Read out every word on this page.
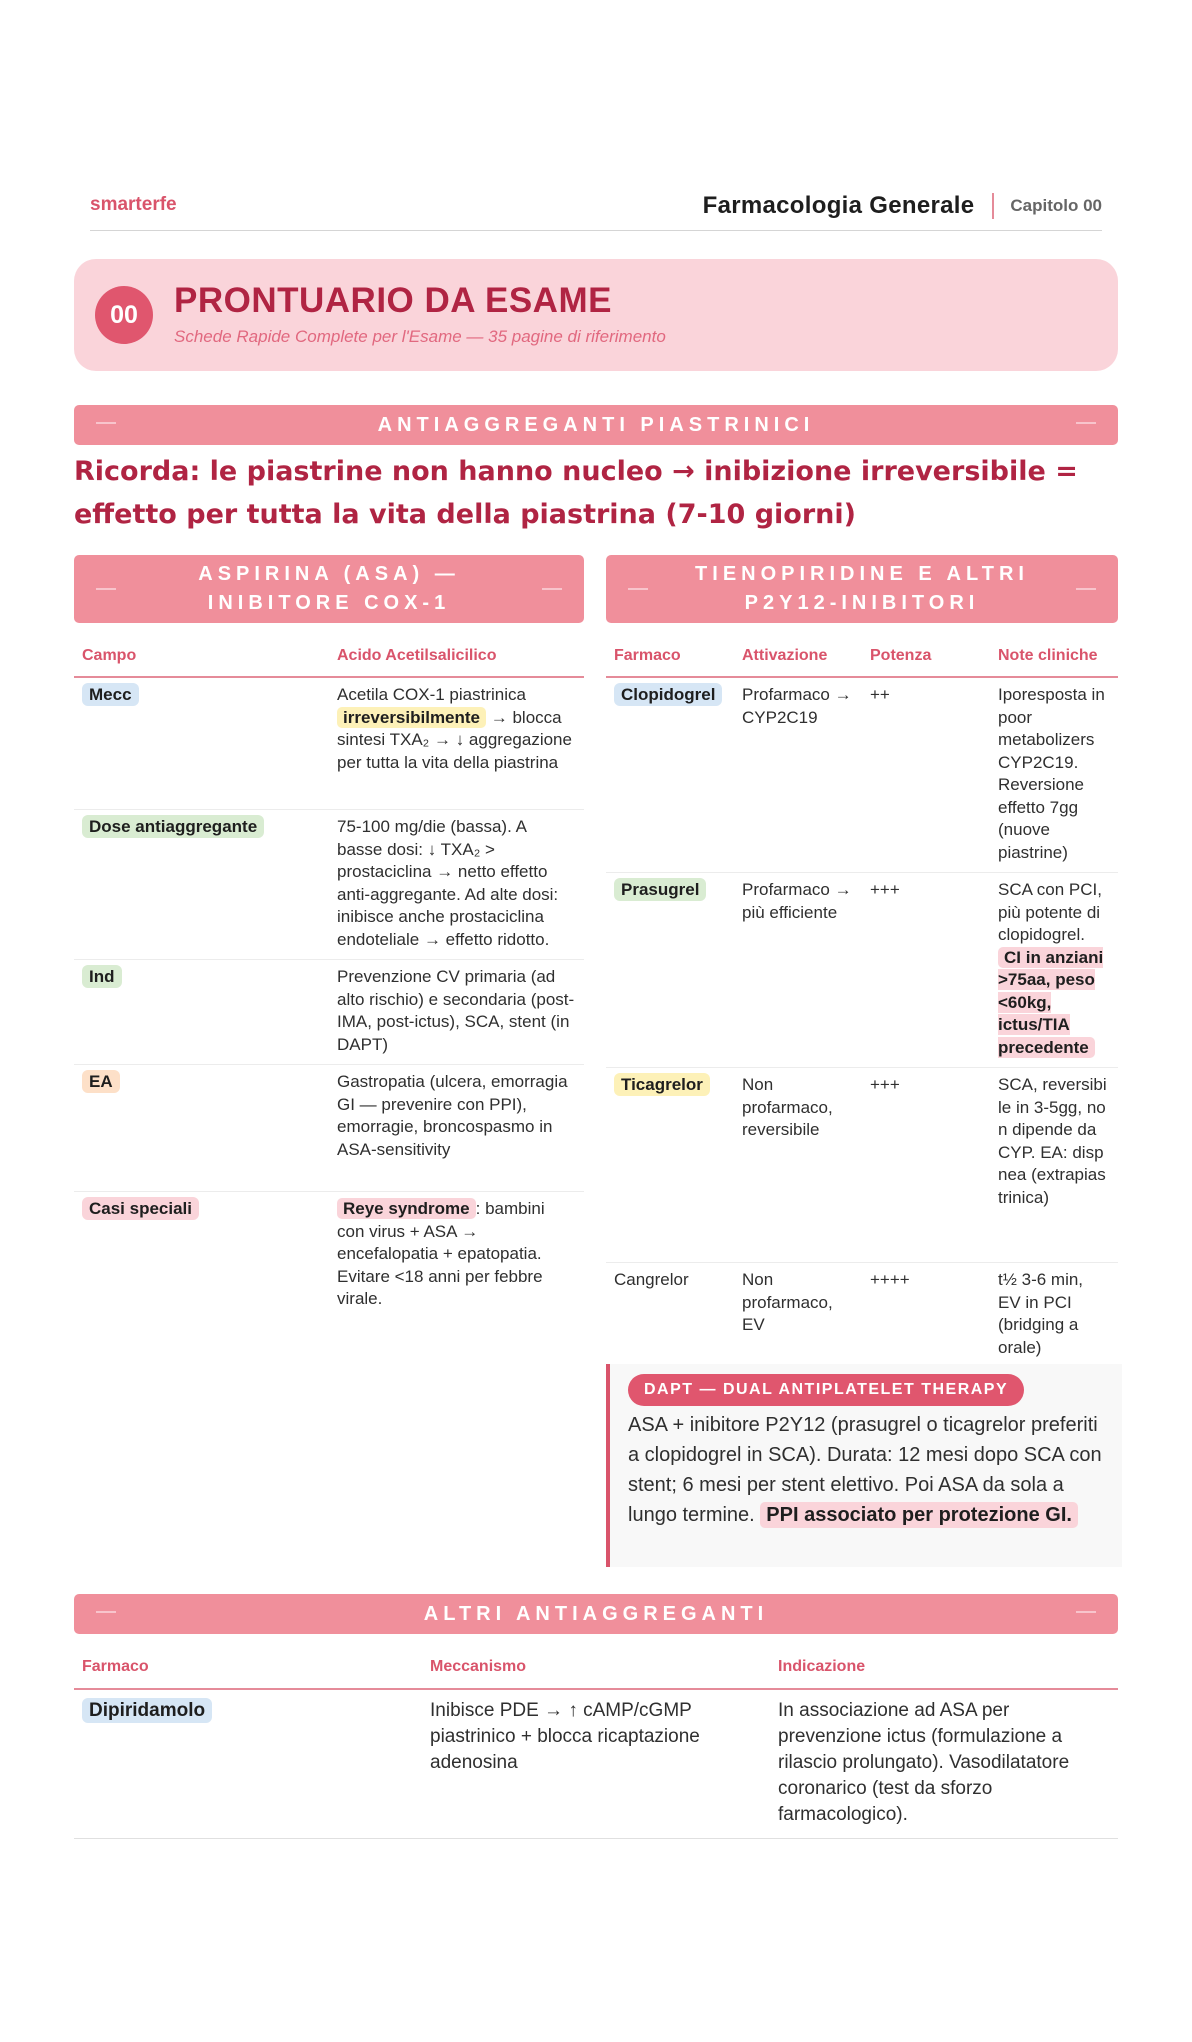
smarterfe	Farmacologia Generale Capitolo 00
00	PRONTUARIO DA ESAME
Schede Rapide Complete per l'Esame — 35 pagine di riferimento
ANTIAGGREGANTI PIASTRINICI
Ricorda: le piastrine non hanno nucleo → inibizione irreversibile = effetto per tutta la vita della piastrina (7-10 giorni)
ASPIRINA (ASA) — INIBITORE COX-1
Campo	Acido Acetilsalicilico
Mecc	Acetila COX-1 piastrinica irreversibilmente → blocca sintesi TXA₂ → ↓ aggregazione per tutta la vita della piastrina
Dose antiaggregante	75-100 mg/die (bassa). A basse dosi: ↓ TXA₂ > prostaciclina → netto effetto anti-aggregante. Ad alte dosi: inibisce anche prostaciclina endoteliale → effetto ridotto.
Ind	Prevenzione CV primaria (ad alto rischio) e secondaria (post-IMA, post-ictus), SCA, stent (in DAPT)
EA	Gastropatia (ulcera, emorragia GI — prevenire con PPI), emorragie, broncospasmo in ASA-sensitivity
Casi speciali	Reye syndrome : bambini con virus + ASA → encefalopatia + epatopatia. Evitare <18 anni per febbre virale.
TIENOPIRIDINE E ALTRI P2Y12-INIBITORI
Farmaco	Attivazione	Potenza	Note cliniche
Clopidogrel	Profarmaco → CYP2C19	++	Iporesposta in poor metabolizers CYP2C19. Reversione effetto 7gg (nuove piastrine)
Prasugrel	Profarmaco → più efficiente	+++	SCA con PCI, più potente di clopidogrel. CI in anziani >75aa, peso <60kg, ictus/TIA precedente
Ticagrelor	Non profarmaco, reversibile	+++	SCA, reversibile in 3-5gg, non dipende da CYP. EA: dispnea (extrapiastrinica)
Cangrelor	Non profarmaco, EV	++++	t½ 3-6 min, EV in PCI (bridging a orale)
DAPT — DUAL ANTIPLATELET THERAPY
ASA + inibitore P2Y12 (prasugrel o ticagrelor preferiti a clopidogrel in SCA). Durata: 12 mesi dopo SCA con stent; 6 mesi per stent elettivo. Poi ASA da sola a lungo termine. PPI associato per protezione GI.
ALTRI ANTIAGGREGANTI
Farmaco	Meccanismo	Indicazione
Dipiridamolo	Inibisce PDE → ↑ cAMP/cGMP piastrinico + blocca ricaptazione adenosina	In associazione ad ASA per prevenzione ictus (formulazione a rilascio prolungato). Vasodilatatore coronarico (test da sforzo farmacologico).
